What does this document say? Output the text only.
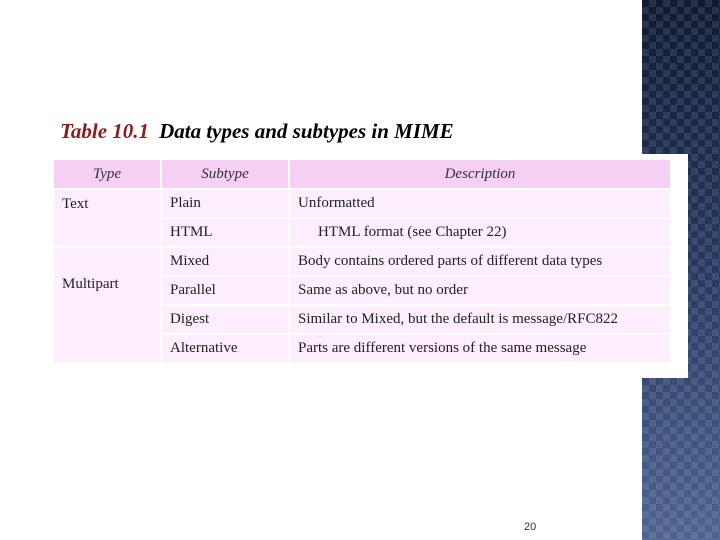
Table 10.1 Data types and subtypes in MIME
Type	Subtype	Description
Text	Plain	Unformatted
	HTML	HTML format (see Chapter 22)
Multipart	Mixed	Body contains ordered parts of different data types
	Parallel	Same as above, but no order
	Digest	Similar to Mixed, but the default is message/RFC822
	Alternative	Parts are different versions of the same message
20
